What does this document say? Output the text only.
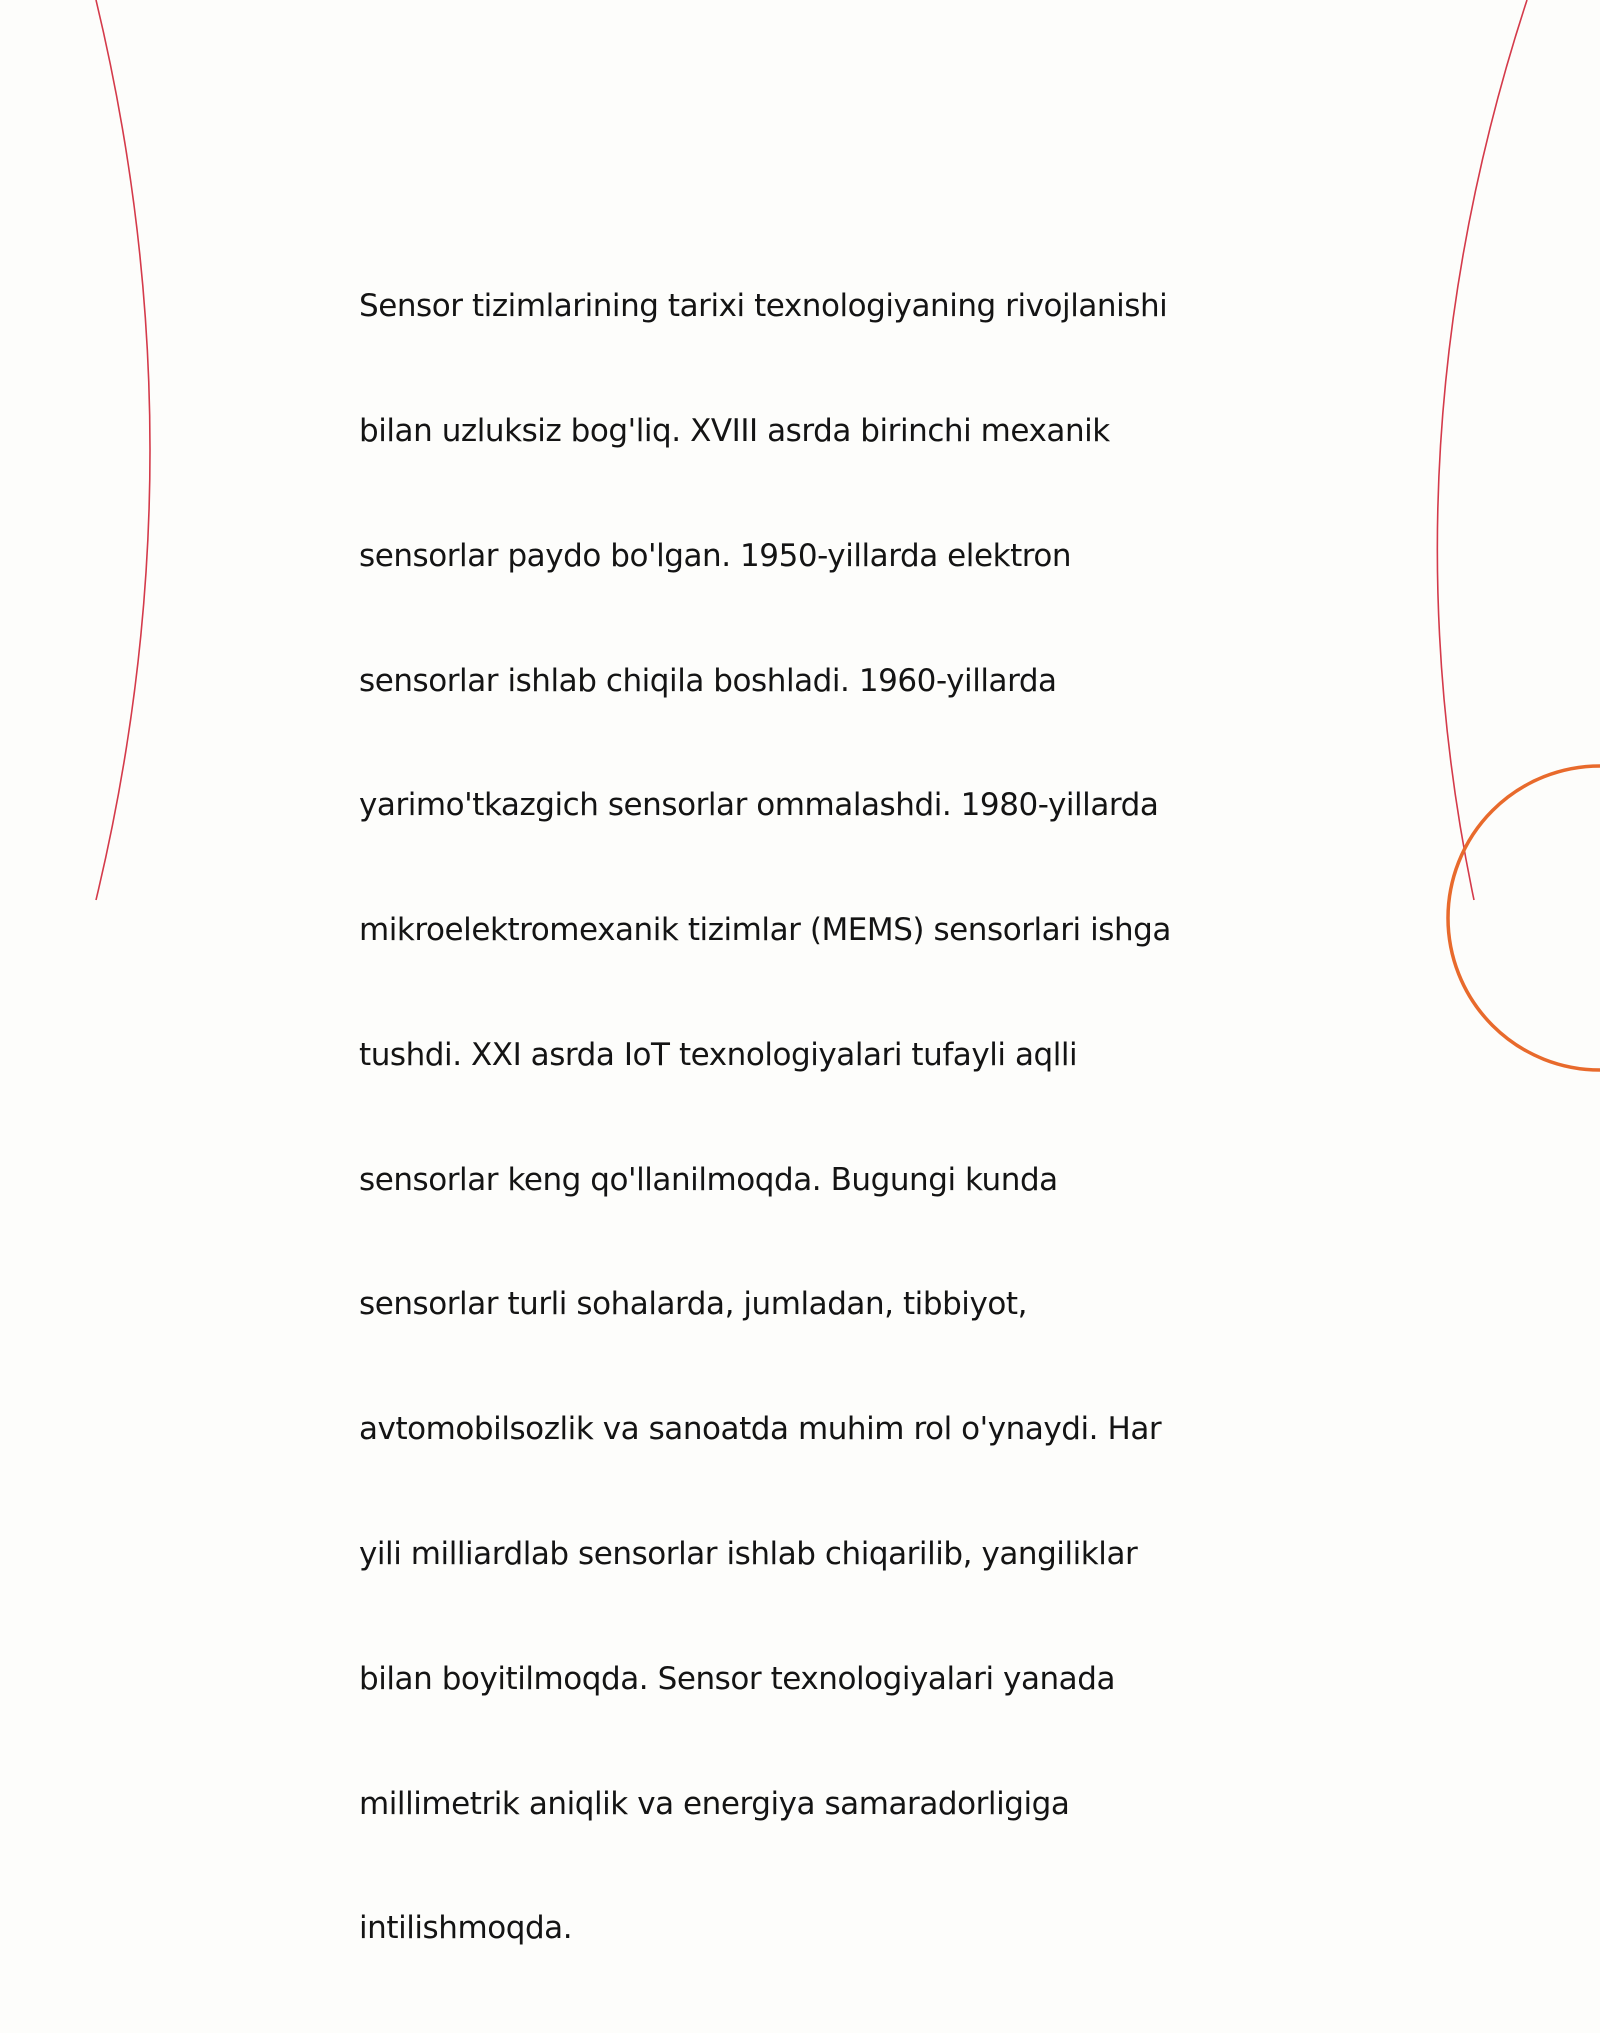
Sensor tizimlarining tarixi texnologiyaning rivojlanishi

bilan uzluksiz bog'liq. XVIII asrda birinchi mexanik

sensorlar paydo bo'lgan. 1950-yillarda elektron

sensorlar ishlab chiqila boshladi. 1960-yillarda

yarimo'tkazgich sensorlar ommalashdi. 1980-yillarda

mikroelektromexanik tizimlar (MEMS) sensorlari ishga

tushdi. XXI asrda IoT texnologiyalari tufayli aqlli

sensorlar keng qo'llanilmoqda. Bugungi kunda

sensorlar turli sohalarda, jumladan, tibbiyot,

avtomobilsozlik va sanoatda muhim rol o'ynaydi. Har

yili milliardlab sensorlar ishlab chiqarilib, yangiliklar

bilan boyitilmoqda. Sensor texnologiyalari yanada

millimetrik aniqlik va energiya samaradorligiga

intilishmoqda.
